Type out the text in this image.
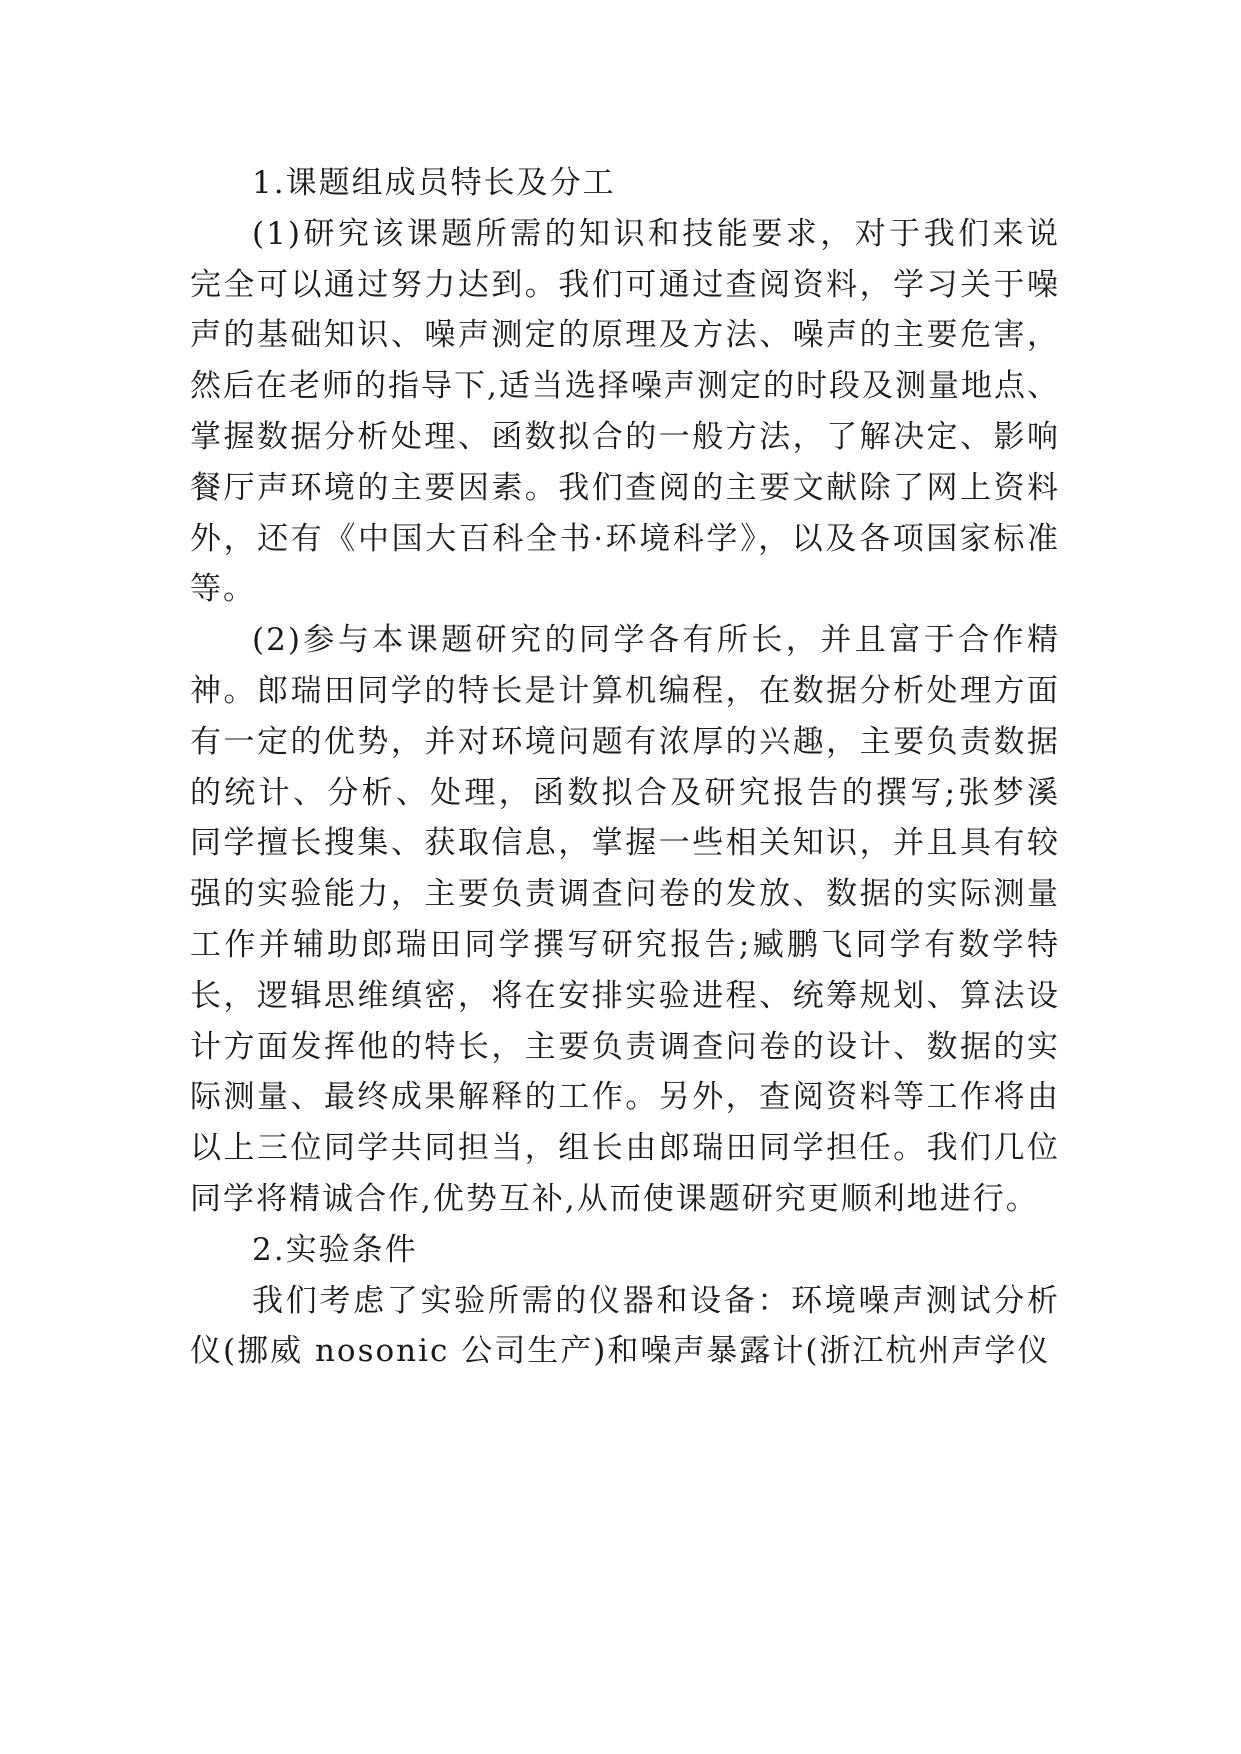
1.课题组成员特长及分工

(1)研究该课题所需的知识和技能要求，对于我们来说完全可以通过努力达到。我们可通过查阅资料，学习关于噪声的基础知识、噪声测定的原理及方法、噪声的主要危害，然后在老师的指导下,适当选择噪声测定的时段及测量地点、掌握数据分析处理、函数拟合的一般方法，了解决定、影响餐厅声环境的主要因素。我们查阅的主要文献除了网上资料外，还有《中国大百科全书·环境科学》，以及各项国家标准等。

(2)参与本课题研究的同学各有所长，并且富于合作精神。郎瑞田同学的特长是计算机编程，在数据分析处理方面有一定的优势，并对环境问题有浓厚的兴趣，主要负责数据的统计、分析、处理，函数拟合及研究报告的撰写;张梦溪同学擅长搜集、获取信息，掌握一些相关知识，并且具有较强的实验能力，主要负责调查问卷的发放、数据的实际测量工作并辅助郎瑞田同学撰写研究报告;臧鹏飞同学有数学特长，逻辑思维缜密，将在安排实验进程、统筹规划、算法设计方面发挥他的特长，主要负责调查问卷的设计、数据的实际测量、最终成果解释的工作。另外，查阅资料等工作将由以上三位同学共同担当，组长由郎瑞田同学担任。我们几位同学将精诚合作,优势互补,从而使课题研究更顺利地进行。

2.实验条件

我们考虑了实验所需的仪器和设备：环境噪声测试分析仪(挪威 nosonic 公司生产)和噪声暴露计(浙江杭州声学仪
